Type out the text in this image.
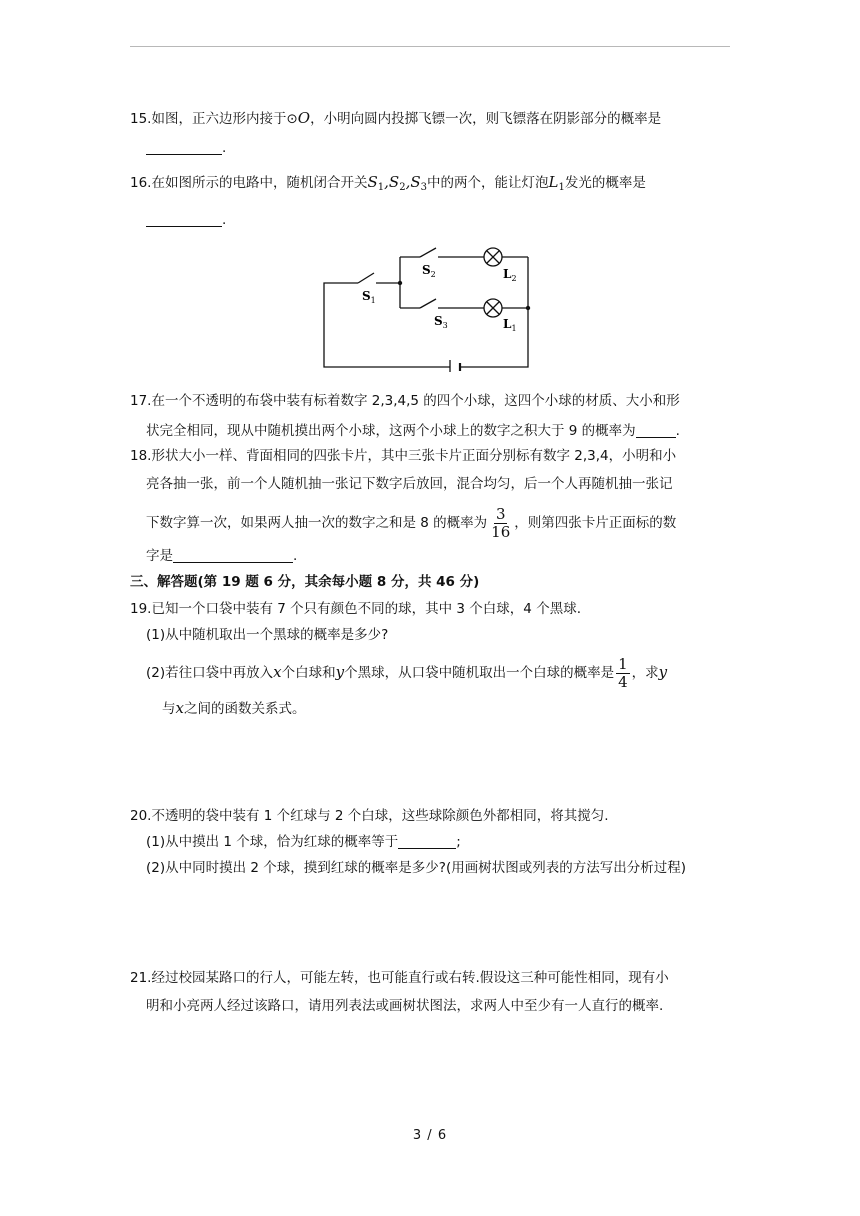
15.如图，正六边形内接于⊙O，小明向圆内投掷飞镖一次，则飞镖落在阴影部分的概率是
.
16.在如图所示的电路中，随机闭合开关$S_1,S_2,S_3$中的两个，能让灯泡$L_1$发光的概率是
.
$S_1$
$S_2$
$S_3$
$L_2$
$L_1$
17.在一个不透明的布袋中装有标着数字 2,3,4,5 的四个小球，这四个小球的材质、大小和形
状完全相同，现从中随机摸出两个小球，这两个小球上的数字之积大于 9 的概率为	.
18.形状大小一样、背面相同的四张卡片，其中三张卡片正面分别标有数字 2,3,4，小明和小
亮各抽一张，前一个人随机抽一张记下数字后放回，混合均匀，后一个人再随机抽一张记
下数字算一次，如果两人抽一次的数字之和是 8 的概率为 $\frac{3}{16}$ ，则第四张卡片正面标的数
字是	.
三、解答题(第 19 题 6 分，其余每小题 8 分，共 46 分)
19.已知一个口袋中装有 7 个只有颜色不同的球，其中 3 个白球，4 个黑球.
(1)从中随机取出一个黑球的概率是多少?
(2)若往口袋中再放入x个白球和y个黑球，从口袋中随机取出一个白球的概率是 $\frac{1}{4}$ ，求y
与x之间的函数关系式。
20.不透明的袋中装有 1 个红球与 2 个白球，这些球除颜色外都相同，将其搅匀.
(1)从中摸出 1 个球，恰为红球的概率等于	;
(2)从中同时摸出 2 个球，摸到红球的概率是多少?(用画树状图或列表的方法写出分析过程)
21.经过校园某路口的行人，可能左转，也可能直行或右转.假设这三种可能性相同，现有小
明和小亮两人经过该路口，请用列表法或画树状图法，求两人中至少有一人直行的概率.
3 / 6
